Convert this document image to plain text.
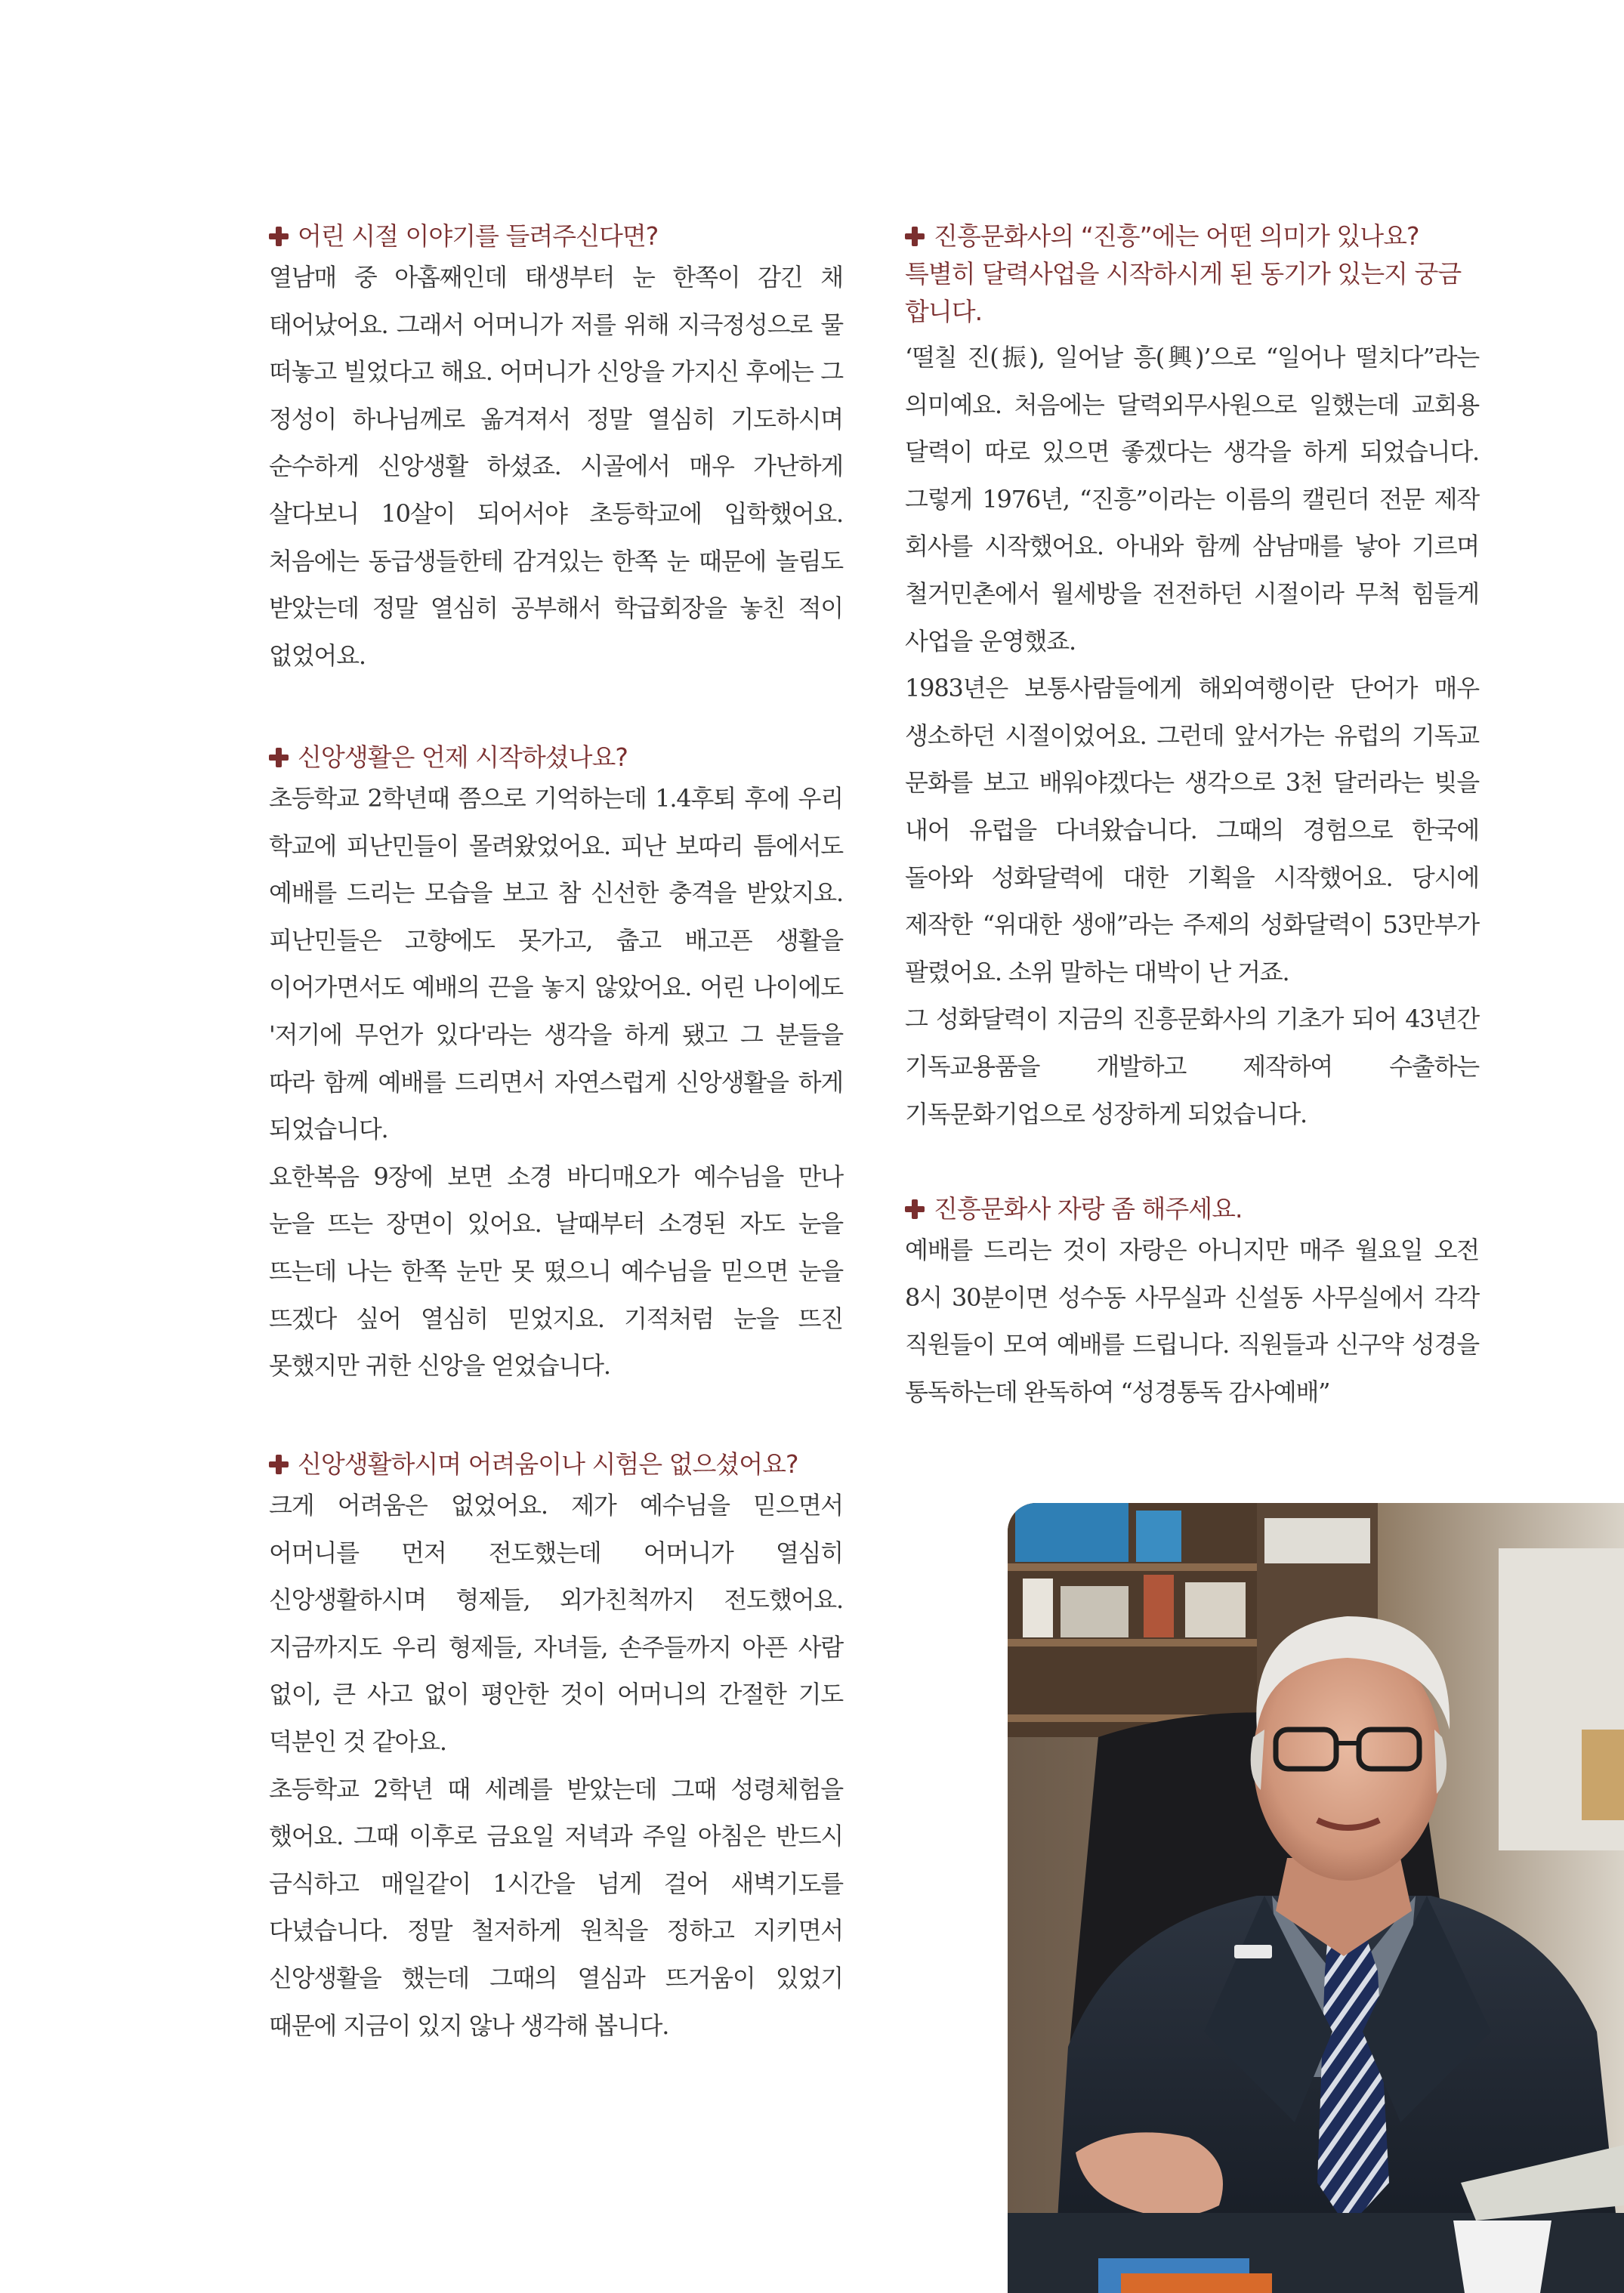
어린 시절 이야기를 들려주신다면?

열남매 중 아홉째인데 태생부터 눈 한쪽이 감긴 채 태어났어요. 그래서 어머니가 저를 위해 지극정성으로 물 떠놓고 빌었다고 해요. 어머니가 신앙을 가지신 후에는 그 정성이 하나님께로 옮겨져서 정말 열심히 기도하시며 순수하게 신앙생활 하셨죠. 시골에서 매우 가난하게 살다보니 10살이 되어서야 초등학교에 입학했어요. 처음에는 동급생들한테 감겨있는 한쪽 눈 때문에 놀림도 받았는데 정말 열심히 공부해서 학급회장을 놓친 적이 없었어요.

신앙생활은 언제 시작하셨나요?

초등학교 2학년때 쯤으로 기억하는데 1.4후퇴 후에 우리 학교에 피난민들이 몰려왔었어요. 피난 보따리 틈에서도 예배를 드리는 모습을 보고 참 신선한 충격을 받았지요. 피난민들은 고향에도 못가고, 춥고 배고픈 생활을 이어가면서도 예배의 끈을 놓지 않았어요. 어린 나이에도 '저기에 무언가 있다'라는 생각을 하게 됐고 그 분들을 따라 함께 예배를 드리면서 자연스럽게 신앙생활을 하게 되었습니다.

요한복음 9장에 보면 소경 바디매오가 예수님을 만나 눈을 뜨는 장면이 있어요. 날때부터 소경된 자도 눈을 뜨는데 나는 한쪽 눈만 못 떴으니 예수님을 믿으면 눈을 뜨겠다 싶어 열심히 믿었지요. 기적처럼 눈을 뜨진 못했지만 귀한 신앙을 얻었습니다.

신앙생활하시며 어려움이나 시험은 없으셨어요?

크게 어려움은 없었어요. 제가 예수님을 믿으면서 어머니를 먼저 전도했는데 어머니가 열심히 신앙생활하시며 형제들, 외가친척까지 전도했어요. 지금까지도 우리 형제들, 자녀들, 손주들까지 아픈 사람 없이, 큰 사고 없이 평안한 것이 어머니의 간절한 기도 덕분인 것 같아요.

초등학교 2학년 때 세례를 받았는데 그때 성령체험을 했어요. 그때 이후로 금요일 저녁과 주일 아침은 반드시 금식하고 매일같이 1시간을 넘게 걸어 새벽기도를 다녔습니다. 정말 철저하게 원칙을 정하고 지키면서 신앙생활을 했는데 그때의 열심과 뜨거움이 있었기 때문에 지금이 있지 않나 생각해 봅니다.

진흥문화사의 “진흥”에는 어떤 의미가 있나요?
특별히 달력사업을 시작하시게 된 동기가 있는지 궁금합니다.

‘떨칠 진(振), 일어날 흥(興)’으로 “일어나 떨치다”라는 의미예요. 처음에는 달력외무사원으로 일했는데 교회용 달력이 따로 있으면 좋겠다는 생각을 하게 되었습니다. 그렇게 1976년, “진흥”이라는 이름의 캘린더 전문 제작 회사를 시작했어요. 아내와 함께 삼남매를 낳아 기르며 철거민촌에서 월세방을 전전하던 시절이라 무척 힘들게 사업을 운영했죠.

1983년은 보통사람들에게 해외여행이란 단어가 매우 생소하던 시절이었어요. 그런데 앞서가는 유럽의 기독교 문화를 보고 배워야겠다는 생각으로 3천 달러라는 빚을 내어 유럽을 다녀왔습니다. 그때의 경험으로 한국에 돌아와 성화달력에 대한 기획을 시작했어요. 당시에 제작한 “위대한 생애”라는 주제의 성화달력이 53만부가 팔렸어요. 소위 말하는 대박이 난 거죠.

그 성화달력이 지금의 진흥문화사의 기초가 되어 43년간 기독교용품을 개발하고 제작하여 수출하는 기독문화기업으로 성장하게 되었습니다.

진흥문화사 자랑 좀 해주세요.

예배를 드리는 것이 자랑은 아니지만 매주 월요일 오전 8시 30분이면 성수동 사무실과 신설동 사무실에서 각각 직원들이 모여 예배를 드립니다. 직원들과 신구약 성경을 통독하는데 완독하여 “성경통독 감사예배”
